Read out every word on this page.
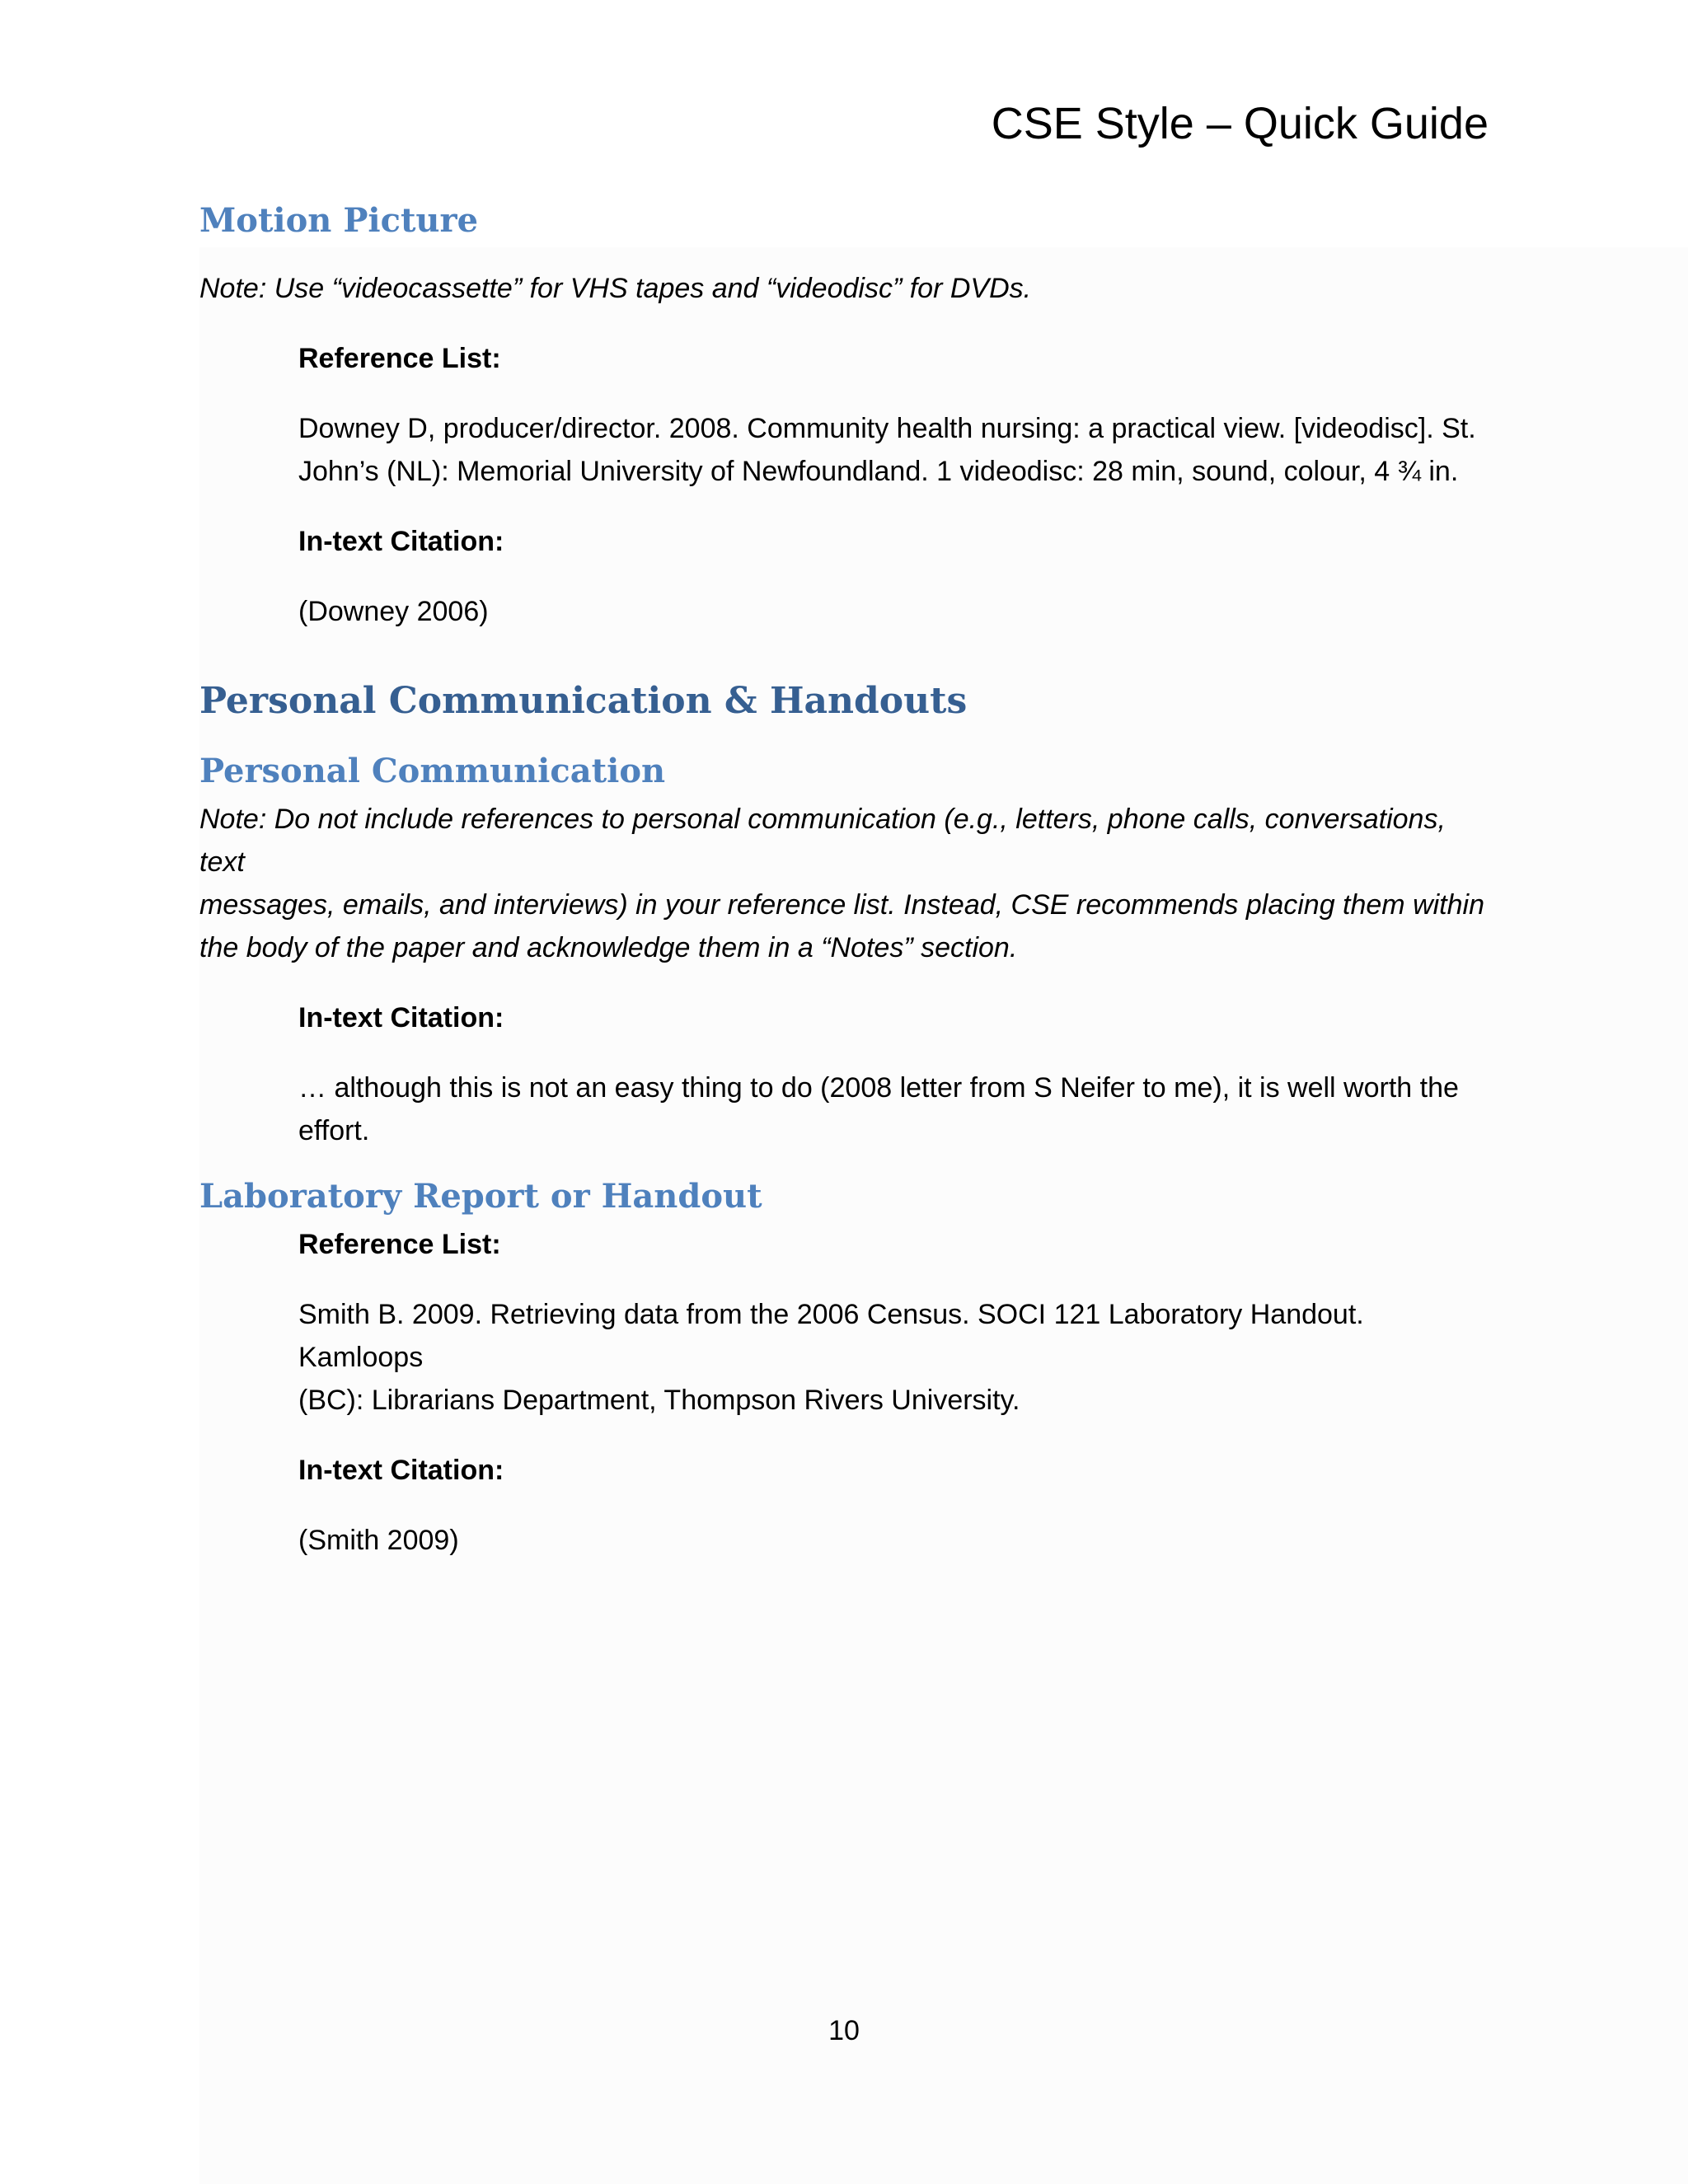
CSE Style – Quick Guide
Motion Picture

Note: Use “videocassette” for VHS tapes and “videodisc” for DVDs.

Reference List:

Downey D, producer/director. 2008. Community health nursing: a practical view. [videodisc]. St.

John’s (NL): Memorial University of Newfoundland. 1 videodisc: 28 min, sound, colour, 4 ¾ in.

In-text Citation:

(Downey 2006)

Personal Communication & Handouts
Personal Communication

Note: Do not include references to personal communication (e.g., letters, phone calls, conversations, text

messages, emails, and interviews) in your reference list. Instead, CSE recommends placing them within

the body of the paper and acknowledge them in a “Notes” section.

In-text Citation:

… although this is not an easy thing to do (2008 letter from S Neifer to me), it is well worth the

effort.

Laboratory Report or Handout

Reference List:

Smith B. 2009. Retrieving data from the 2006 Census. SOCI 121 Laboratory Handout. Kamloops

(BC): Librarians Department, Thompson Rivers University.

In-text Citation:

(Smith 2009)

10
